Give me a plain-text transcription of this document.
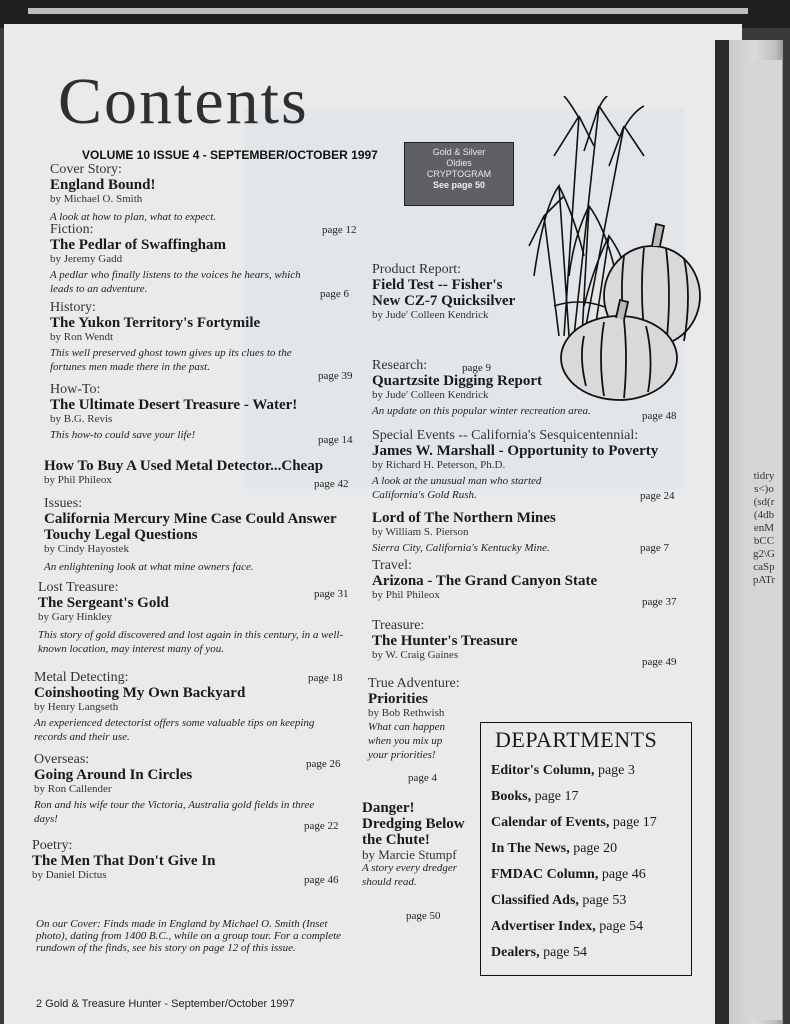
Contents
VOLUME 10 ISSUE 4 - SEPTEMBER/OCTOBER 1997
Cover Story:
England Bound!
by Michael O. Smith
A look at how to plan, what to expect.
page 12
Fiction:
The Pedlar of Swaffingham
by Jeremy Gadd
A pedlar who finally listens to the voices he hears, which leads to an adventure.	page 6
History:
The Yukon Territory's Fortymile
by Ron Wendt
This well preserved ghost town gives up its clues to the fortunes men made there in the past.
page 39
How-To:
The Ultimate Desert Treasure - Water!
by B.G. Revis
This how-to could save your life!	page 14
How To Buy A Used Metal Detector...Cheap
by Phil Phileox	page 42
Issues:
California Mercury Mine Case Could Answer Touchy Legal Questions
by Cindy Hayostek
An enlightening look at what mine owners face.
page 31
Lost Treasure:
The Sergeant's Gold
by Gary Hinkley
This story of gold discovered and lost again in this century, in a well-known location, may interest many of you.
page 18
Metal Detecting:
Coinshooting My Own Backyard
by Henry Langseth
An experienced detectorist offers some valuable tips on keeping records and their use.
page 26
Overseas:
Going Around In Circles
by Ron Callender
Ron and his wife tour the Victoria, Australia gold fields in three days!
page 22
Poetry:
The Men That Don't Give In
by Daniel Dictus	page 46
On our Cover: Finds made in England by Michael O. Smith (Inset photo), dating from 1400 B.C., while on a group tour. For a complete rundown of the finds, see his story on page 12 of this issue.
Gold & Silver
Oldies
CRYPTOGRAM
See page 50
Product Report:
Field Test -- Fisher's New CZ-7 Quicksilver
by Jude' Colleen Kendrick
page 9
Research:
Quartzsite Digging Report
by Jude' Colleen Kendrick
An update on this popular winter recreation area.	page 48
Special Events -- California's Sesquicentennial:
James W. Marshall - Opportunity to Poverty
by Richard H. Peterson, Ph.D.
A look at the unusual man who started California's Gold Rush.	page 24
Lord of The Northern Mines
by William S. Pierson
Sierra City, California's Kentucky Mine.	page 7
Travel:
Arizona - The Grand Canyon State
by Phil Phileox
page 37
Treasure:
The Hunter's Treasure
by W. Craig Gaines
page 49
True Adventure:
Priorities
by Bob Rethwish
What can happen when you mix up your priorities!
page 4
Danger! Dredging Below the Chute!
by Marcie Stumpf
A story every dredger should read.
page 50
DEPARTMENTS
Editor's Column, page 3
Books, page 17
Calendar of Events, page 17
In The News, page 20
FMDAC Column, page 46
Classified Ads, page 53
Advertiser Index, page 54
Dealers, page 54
2 Gold & Treasure Hunter - September/October 1997
tidrys<)o(sd(r(4dbenMbCCg2\GcaSppATr
